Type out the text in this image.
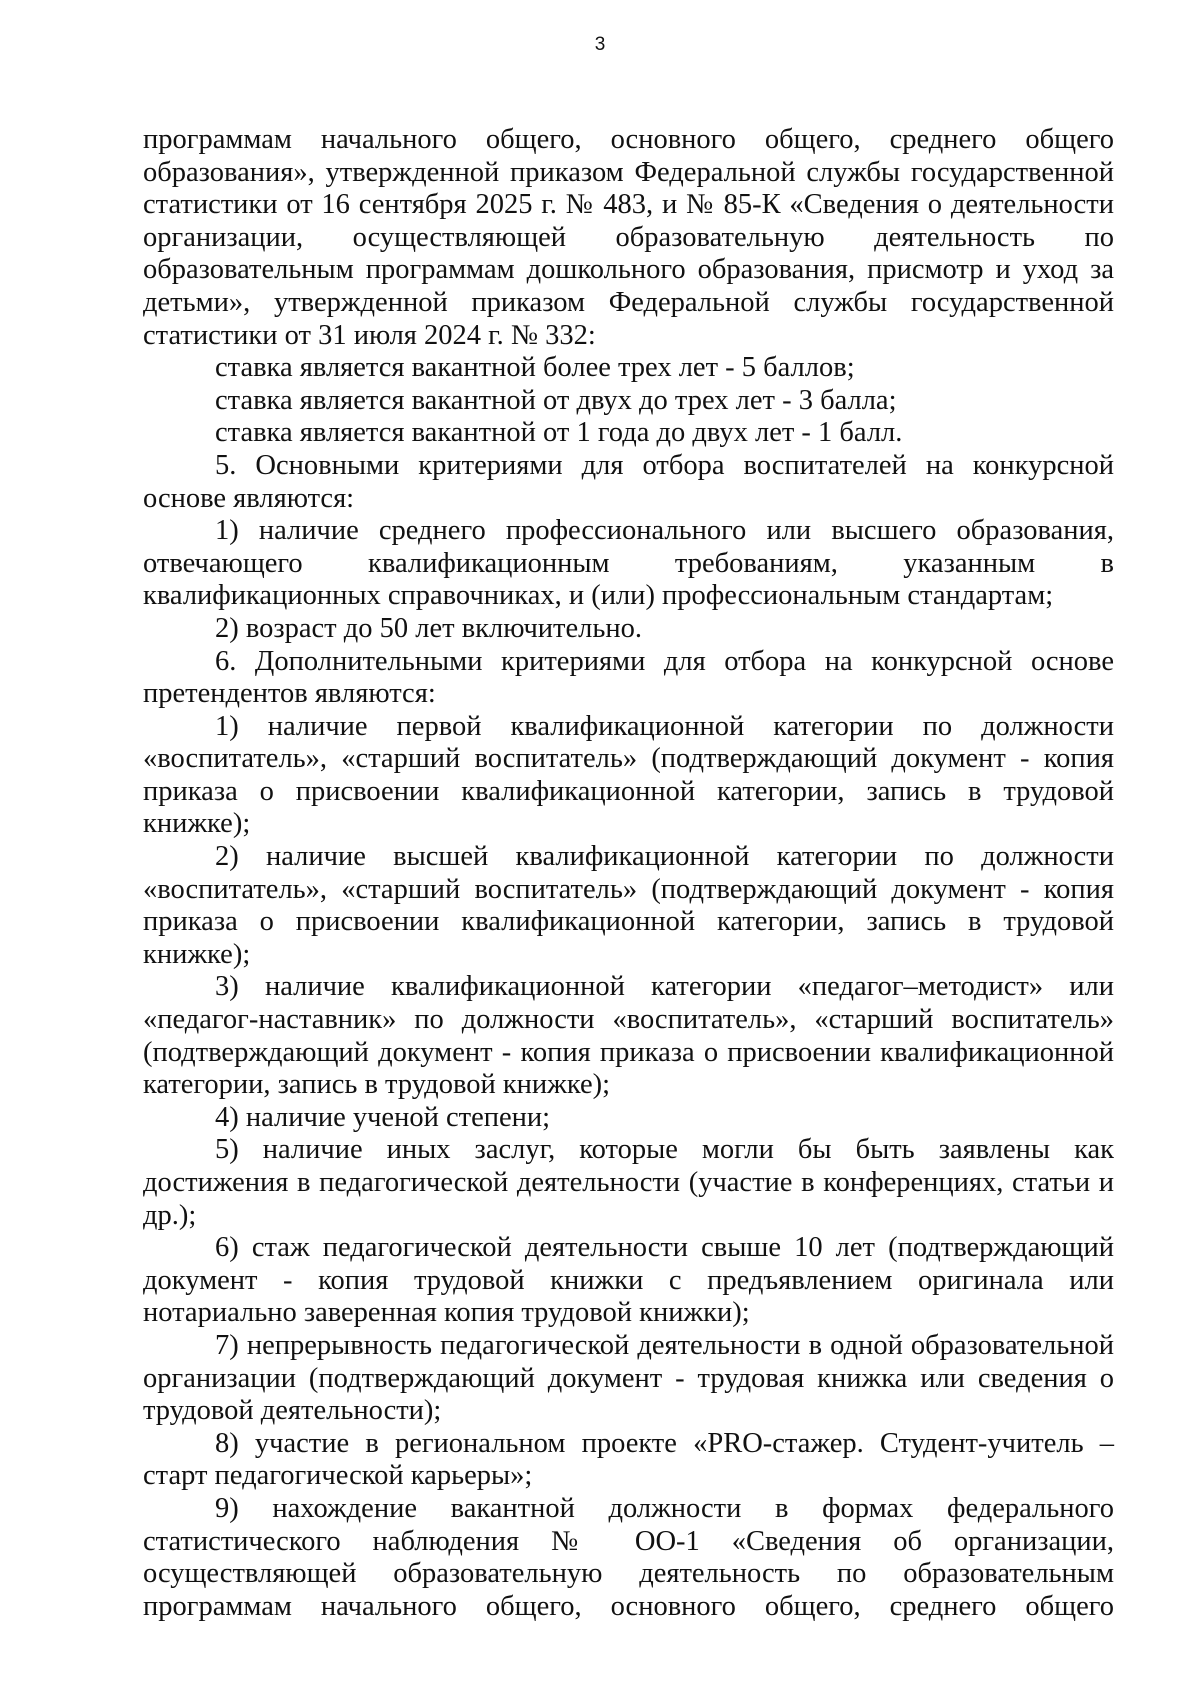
3

программам начального общего, основного общего, среднего общего образования», утвержденной приказом Федеральной службы государственной статистики от 16 сентября 2025 г. № 483, и № 85-К «Сведения о деятельности организации, осуществляющей образовательную деятельность по образовательным программам дошкольного образования, присмотр и уход за детьми», утвержденной приказом Федеральной службы государственной статистики от 31 июля 2024 г. № 332:

ставка является вакантной более трех лет - 5 баллов;

ставка является вакантной от двух до трех лет - 3 балла;

ставка является вакантной от 1 года до двух лет - 1 балл.

5. Основными критериями для отбора воспитателей на конкурсной основе являются:

1) наличие среднего профессионального или высшего образования, отвечающего квалификационным требованиям, указанным в квалификационных справочниках, и (или) профессиональным стандартам;

2) возраст до 50 лет включительно.

6. Дополнительными критериями для отбора на конкурсной основе претендентов являются:

1) наличие первой квалификационной категории по должности «воспитатель», «старший воспитатель» (подтверждающий документ - копия приказа о присвоении квалификационной категории, запись в трудовой книжке);

2) наличие высшей квалификационной категории по должности «воспитатель», «старший воспитатель» (подтверждающий документ - копия приказа о присвоении квалификационной категории, запись в трудовой книжке);

3) наличие квалификационной категории «педагог–методист» или «педагог-наставник» по должности «воспитатель», «старший воспитатель» (подтверждающий документ - копия приказа о присвоении квалификационной категории, запись в трудовой книжке);

4) наличие ученой степени;

5) наличие иных заслуг, которые могли бы быть заявлены как достижения в педагогической деятельности (участие в конференциях, статьи и др.);

6) стаж педагогической деятельности свыше 10 лет (подтверждающий документ - копия трудовой книжки с предъявлением оригинала или нотариально заверенная копия трудовой книжки);

7) непрерывность педагогической деятельности в одной образовательной организации (подтверждающий документ - трудовая книжка или сведения о трудовой деятельности);

8) участие в региональном проекте «PRO-стажер. Студент-учитель – старт педагогической карьеры»;

9) нахождение вакантной должности в формах федерального статистического наблюдения № ОО-1 «Сведения об организации, осуществляющей образовательную деятельность по образовательным программам начального общего, основного общего, среднего общего
